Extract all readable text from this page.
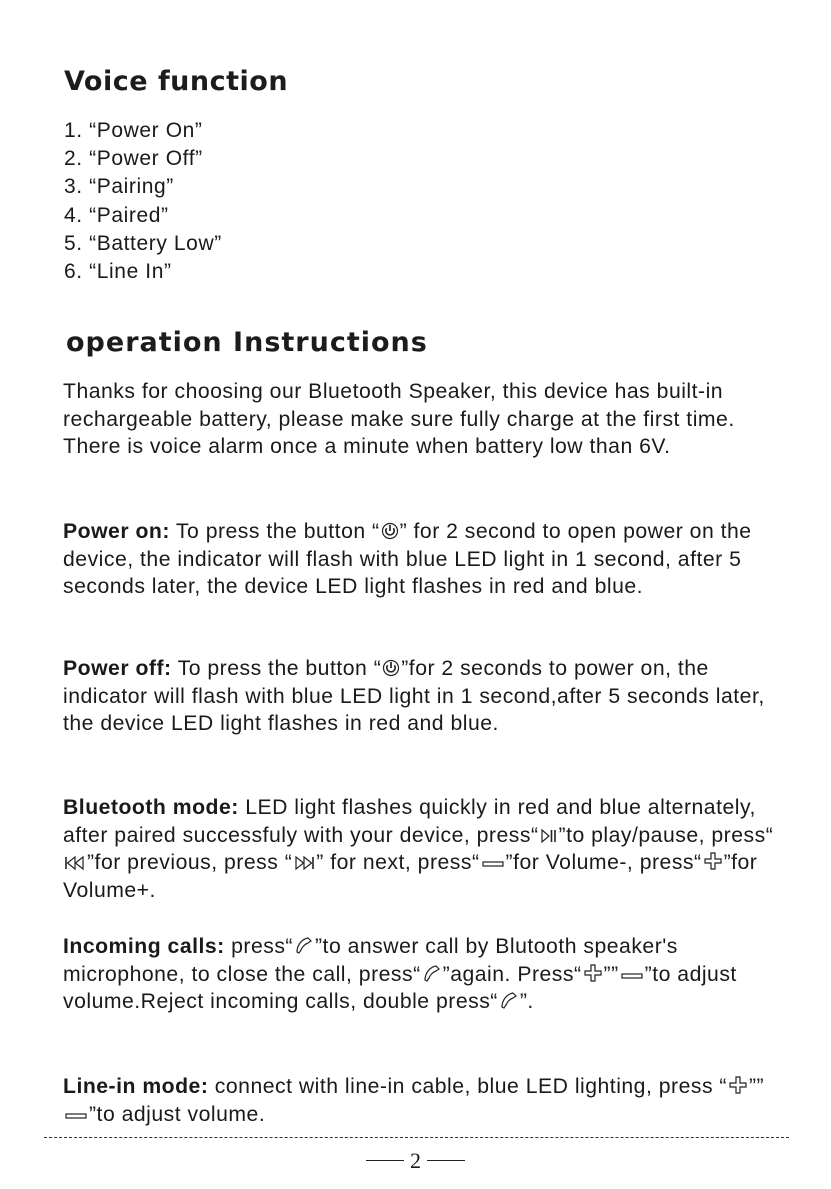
Voice function
1. “Power On”
2. “Power Off”
3. “Pairing”
4. “Paired”
5. “Battery Low”
6. “Line In”
operation Instructions

Thanks for choosing our Bluetooth Speaker, this device has built-in rechargeable battery, please make sure fully charge at the first time. There is voice alarm once a minute when battery low than 6V.

Power on: To press the button “ ” for 2 second to open power on the device, the indicator will flash with blue LED light in 1 second, after 5 seconds later, the device LED light flashes in red and blue.

Power off: To press the button “ ”for 2 seconds to power on, the indicator will flash with blue LED light in 1 second,after 5 seconds later, the device LED light flashes in red and blue.

Bluetooth mode: LED light flashes quickly in red and blue alternately, after paired successfuly with your device, press“ ”to play/pause, press“
”for previous, press “ ” for next, press“ ”for Volume-, press“ ”for Volume+.

Incoming calls: press“ ”to answer call by Blutooth speaker's microphone, to close the call, press“ ”again. Press“ ”” ”to adjust volume.Reject incoming calls, double press“ ”.

Line-in mode: connect with line-in cable, blue LED lighting, press “ ””
”to adjust volume.

2
